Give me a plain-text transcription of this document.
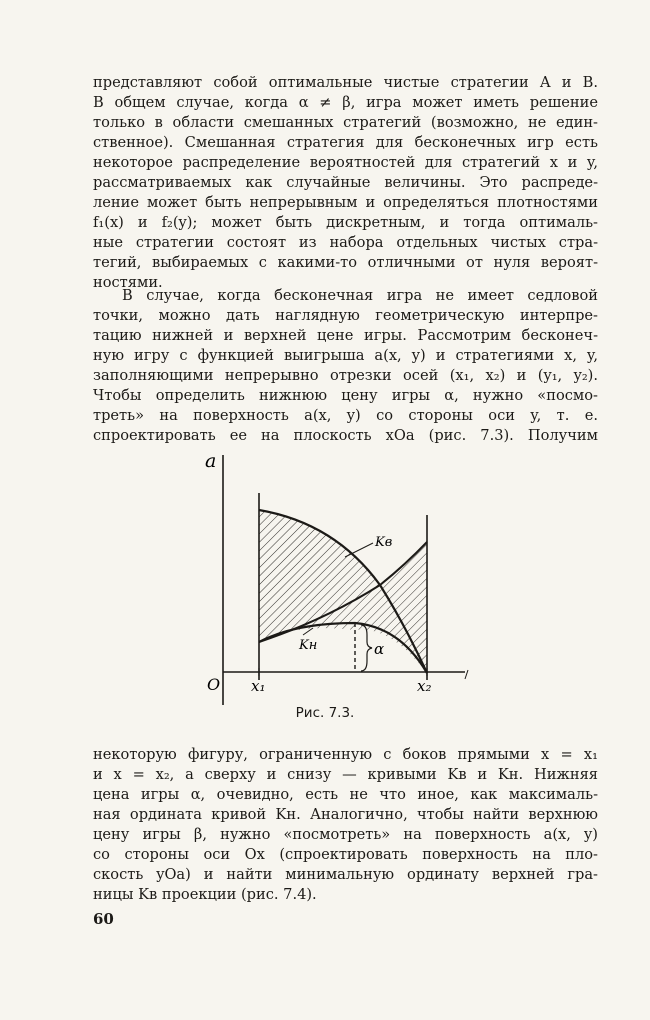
представляют собой оптимальные чистые стратегии A и B.
В общем случае, когда α ≠ β, игра может иметь решение
только в области смешанных стратегий (возможно, не един-
ственное). Смешанная стратегия для бесконечных игр есть
некоторое распределение вероятностей для стратегий x и y,
рассматриваемых как случайные величины. Это распреде-
ление может быть непрерывным и определяться плотностями
f₁(x) и f₂(y); может быть дискретным, и тогда оптималь-
ные стратегии состоят из набора отдельных чистых стра-
тегий, выбираемых с какими-то отличными от нуля вероят-
ностями.
В случае, когда бесконечная игра не имеет седловой
точки, можно дать наглядную геометрическую интерпре-
тацию нижней и верхней цене игры. Рассмотрим бесконеч-
ную игру с функцией выигрыша a(x, y) и стратегиями x, y,
заполняющими непрерывно отрезки осей (x₁, x₂) и (y₁, y₂).
Чтобы определить нижнюю цену игры α, нужно «посмо-
треть» на поверхность a(x, y) со стороны оси y, т. е.
спроектировать ее на плоскость xOa (рис. 7.3). Получим
a
O x₁	x₂
Kв
Kн	α
Рис. 7.3.
некоторую фигуру, ограниченную с боков прямыми x = x₁
и x = x₂, а сверху и снизу — кривыми Kв и Kн. Нижняя
цена игры α, очевидно, есть не что иное, как максималь-
ная ордината кривой Kн. Аналогично, чтобы найти верхнюю
цену игры β, нужно «посмотреть» на поверхность a(x, y)
со стороны оси Ox (спроектировать поверхность на пло-
скость yOa) и найти минимальную ординату верхней гра-
ницы Kв проекции (рис. 7.4).
60
